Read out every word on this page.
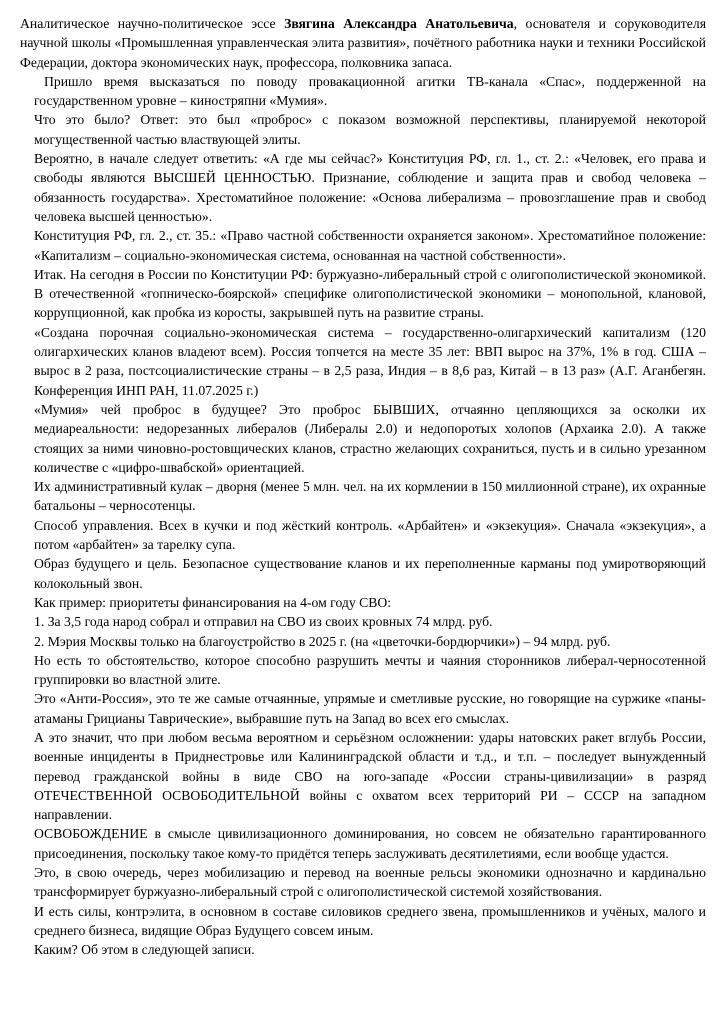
Аналитическое научно-политическое эссе Звягина Александра Анатольевича, основателя и соруководителя научной школы «Промышленная управленческая элита развития», почётного работника науки и техники Российской Федерации, доктора экономических наук, профессора, полковника запаса.

Пришло время высказаться по поводу провакационной агитки ТВ-канала «Спас», поддерженной на государственном уровне – киностряпни «Мумия».

Что это было? Ответ: это был «проброс» с показом возможной перспективы, планируемой некоторой могущественной частью властвующей элиты.

Вероятно, в начале следует ответить: «А где мы сейчас?» Конституция РФ, гл. 1., ст. 2.: «Человек, его права и свободы являются ВЫСШЕЙ ЦЕННОСТЬЮ. Признание, соблюдение и защита прав и свобод человека – обязанность государства». Хрестоматийное положение: «Основа либерализма – провозглашение прав и свобод человека высшей ценностью».

Конституция РФ, гл. 2., ст. 35.: «Право частной собственности охраняется законом». Хрестоматийное положение: «Капитализм – социально-экономическая система, основанная на частной собственности».

Итак. На сегодня в России по Конституции РФ: буржуазно-либеральный строй с олигополистической экономикой. В отечественной «гопническо-боярской» специфике олигополистической экономики – монопольной, клановой, коррупционной, как пробка из коросты, закрывшей путь на развитие страны.

«Создана порочная социально-экономическая система – государственно-олигархический капитализм (120 олигархических кланов владеют всем). Россия топчется на месте 35 лет: ВВП вырос на 37%, 1% в год. США – вырос в 2 раза, постсоциалистические страны – в 2,5 раза, Индия – в 8,6 раз, Китай – в 13 раз» (А.Г. Аганбегян. Конференция ИНП РАН, 11.07.2025 г.)

«Мумия» чей проброс в будущее? Это проброс БЫВШИХ, отчаянно цепляющихся за осколки их медиареальности: недорезанных либералов (Либералы 2.0) и недопоротых холопов (Архаика 2.0). А также стоящих за ними чиновно-ростовщических кланов, страстно желающих сохраниться, пусть и в сильно урезанном количестве с «цифро-швабской» ориентацией.

Их административный кулак – дворня (менее 5 млн. чел. на их кормлении в 150 миллионной стране), их охранные батальоны – черносотенцы.

Способ управления. Всех в кучки и под жёсткий контроль. «Арбайтен» и «экзекуция». Сначала «экзекуция», а потом «арбайтен» за тарелку супа.

Образ будущего и цель. Безопасное существование кланов и их переполненные карманы под умиротворяющий колокольный звон.

Как пример: приоритеты финансирования на 4-ом году СВО:

1. За 3,5 года народ собрал и отправил на СВО из своих кровных 74 млрд. руб.

2. Мэрия Москвы только на благоустройство в 2025 г. (на «цветочки-бордюрчики») – 94 млрд. руб.

Но есть то обстоятельство, которое способно разрушить мечты и чаяния сторонников либерал-черносотенной группировки во властной элите.

Это «Анти-Россия», это те же самые отчаянные, упрямые и сметливые русские, но говорящие на суржике «паны-атаманы Грицианы Таврические», выбравшие путь на Запад во всех его смыслах.

А это значит, что при любом весьма вероятном и серьёзном осложнении: удары натовских ракет вглубь России, военные инциденты в Приднестровье или Калининградской области и т.д., и т.п. – последует вынужденный перевод гражданской войны в виде СВО на юго-западе «России страны-цивилизации» в разряд ОТЕЧЕСТВЕННОЙ ОСВОБОДИТЕЛЬНОЙ войны с охватом всех территорий РИ – СССР на западном направлении.

ОСВОБОЖДЕНИЕ в смысле цивилизационного доминирования, но совсем не обязательно гарантированного присоединения, поскольку такое кому-то придётся теперь заслуживать десятилетиями, если вообще удастся.

Это, в свою очередь, через мобилизацию и перевод на военные рельсы экономики однозначно и кардинально трансформирует буржуазно-либеральный строй с олигополистической системой хозяйствования.

И есть силы, контрэлита, в основном в составе силовиков среднего звена, промышленников и учёных, малого и среднего бизнеса, видящие Образ Будущего совсем иным.

Каким? Об этом в следующей записи.
